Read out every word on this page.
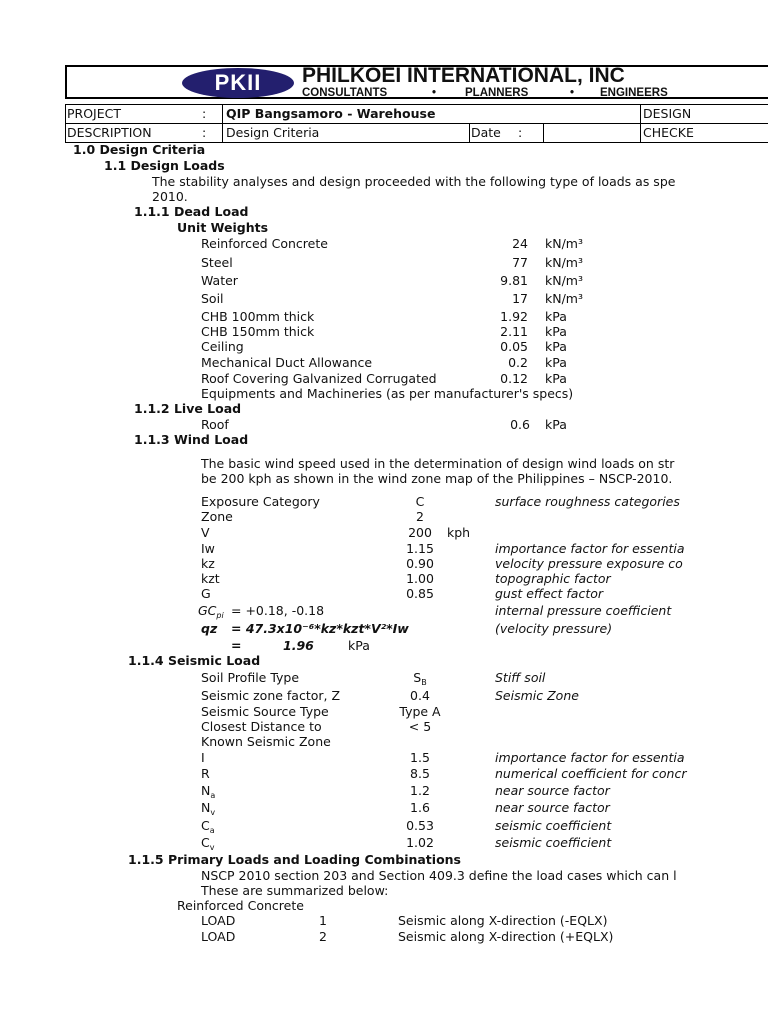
PKII	PHILKOEI INTERNATIONAL, INC
CONSULTANTS	•	PLANNERS	• ENGINEERS
PROJECT	: QIP Bangsamoro - Warehouse	DESIGN
DESCRIPTION	: Design Criteria	Date :	CHECKE
1.0 Design Criteria
1.1 Design Loads
The stability analyses and design proceeded with the following type of loads as spe
2010.
1.1.1 Dead Load
Unit Weights
Reinforced Concrete	24 kN/m³
Steel	77 kN/m³
Water	9.81 kN/m³
Soil	17 kN/m³
CHB 100mm thick	1.92 kPa
CHB 150mm thick	2.11 kPa
Ceiling	0.05 kPa
Mechanical Duct Allowance	0.2 kPa
Roof Covering Galvanized Corrugated	0.12 kPa
Equipments and Machineries (as per manufacturer's specs)
1.1.2 Live Load
Roof	0.6 kPa
1.1.3 Wind Load
The basic wind speed used in the determination of design wind loads on str
be 200 kph as shown in the wind zone map of the Philippines – NSCP-2010.
Exposure Category	C	surface roughness categories
Zone	2
V	200	kph
Iw	1.15	importance factor for essentia
kz	0.90	velocity pressure exposure co
kzt	1.00	topographic factor
G	0.85	gust effect factor
$GC_{pi} = +0.18$, -0.18	internal pressure coefficient
qz = 47.3x10⁻⁶*kz*kzt*V²*Iw	(velocity pressure)
=	1.96	kPa
1.1.4 Seismic Load
Soil Profile Type	$S_B$	Stiff soil
Seismic zone factor, Z	0.4	Seismic Zone
Seismic Source Type	Type A
Closest Distance to	< 5
Known Seismic Zone
I	1.5	importance factor for essentia
R	8.5	numerical coefficient for concr
$N_a$	1.2	near source factor
$N_v$	1.6	near source factor
$C_a$	0.53	seismic coefficient
$C_v$	1.02	seismic coefficient
1.1.5 Primary Loads and Loading Combinations
NSCP 2010 section 203 and Section 409.3 define the load cases which can l
These are summarized below:
Reinforced Concrete
LOAD	1	Seismic along X-direction (-EQLX)
LOAD	2	Seismic along X-direction (+EQLX)
